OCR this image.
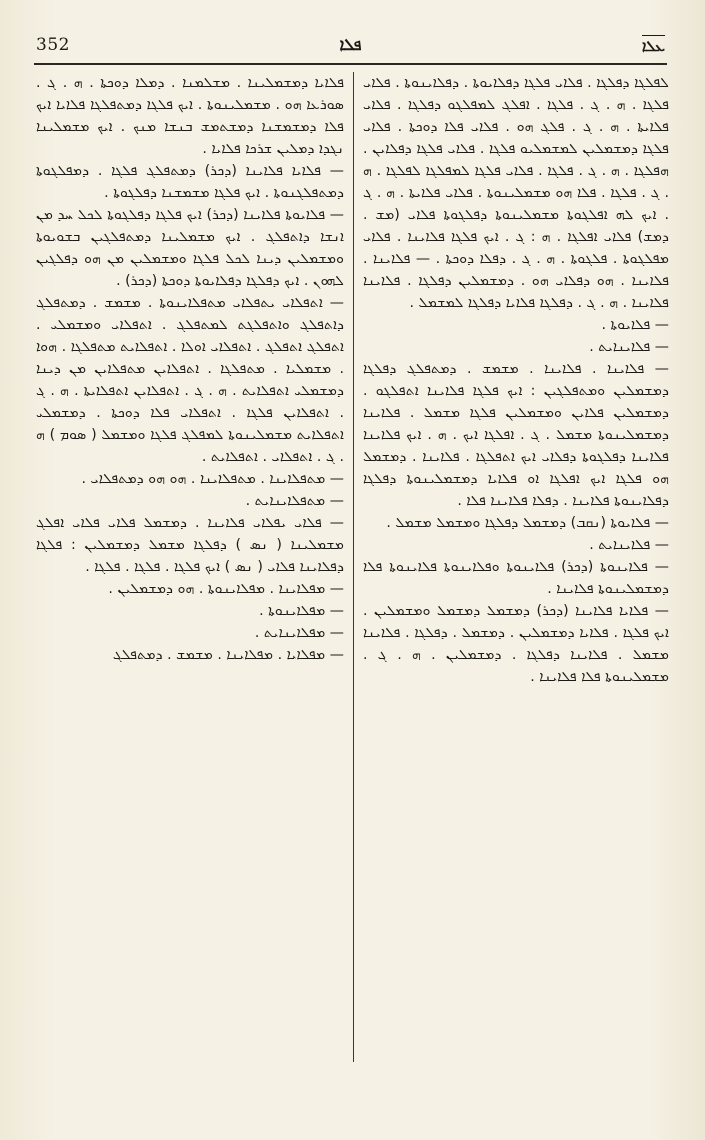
352	ܦܠܐ	ܥܠܐ

ܠܦܠܓܐ ܕܦܠܓܐ . ܦܠܐܝ ܦܠܓܐ ܕܦܠܐܝܘܬܐ . ܕܦܠܐܝܢܘܬܐ . ܦܠܐܝ ܦܠܓܐ . ܗ . ܓ . ܦܠܓܐ . ܐܦܠܓ ܠܡܦܠܓܘ ܕܦܠܓܐ . ܦܠܐܝ ܦܠܐܝܬܐ . ܗ . ܓ . ܦܠܓ ܗܘ . ܦܠܐܝ ܦܠܐ ܕܘܟܬܐ . ܦܠܐܝ ܦܠܓܐ ܕܡܫܡܠܝܢ ܠܡܫܡܠܝܘ ܦܠܓܐ . ܦܠܐܝ ܦܠܓܐ ܕܦܠܐܝܢ . ܗܦܠܓܐ . ܗ . ܓ . ܦܠܓܐ . ܦܠܐܝ ܦܠܓܐ ܠܡܦܠܓܐ ܠܦܠܓܐ . ܗ . ܓ . ܦܠܓܐ . ܦܠܐ ܗܘ ܡܫܡܠܝܢܘܬܐ . ܦܠܐܝ ܦܠܐܝܬܐ . ܗ . ܓ . ܐܝܟ ܠܗ ܐܦܠܓܘܬܐ ܡܫܡܠܝܢܘܬܐ ܕܦܠܓܘܬܐ ܦܠܐܝ (ܡܫ . ܕܡܫ) ܦܠܐܝ ܐܦܠܓܐ . ܗ : ܓ . ܐܝܟ ܦܠܓܐ ܦܠܐܝܢܐ . ܦܠܐܝ ܡܦܠܓܘܬܐ . ܦܠܓܘܬܐ . ܗ . ܓ . ܕܦܠܐ ܕܘܟܬܐ . — ܦܠܐܝܢܐ . ܦܠܐܝܢܐ . ܗܘ ܕܦܠܐܝ ܗܘ . ܕܡܫܡܠܝܢ ܕܦܠܓܐ . ܦܠܐܝܢܐ ܦܠܐܝܢܐ . ܗ . ܓ . ܕܦܠܓܐ ܦܠܐܝܐ ܕܦܠܓܐ ܠܡܫܡܠ .

— ܦܠܐܝܘܬܐ .

— ܦܠܐܝܢܐܝܬ .

— ܦܠܐܝܢܐ . ܦܠܐܝܢܐ . ܡܫܡܫ . ܕܡܬܦܠܓ ܕܦܠܓܐ ܕܡܫܡܠܝܢ ܘܡܬܦܠܓܝܢ : ܐܝܟ ܦܠܓܐ ܦܠܐܝܢܐ ܐܬܦܠܓܘ . ܕܡܫܡܠܝܢ ܦܠܐܝܢ ܘܡܫܡܠܝܢ ܦܠܓܐ ܡܫܡܠ . ܦܠܐܝܢܐ ܕܡܫܡܠܝܢܘܬܐ ܡܫܡܠ . ܓ . ܐܦܠܓܐ ܐܝܟ . ܗ . ܐܝܟ ܦܠܐܝܢܐ ܦܠܐܝܢܐ ܕܦܠܓܘܬܐ ܕܦܠܐܝ ܐܝܟ ܐܬܦܠܓܐ . ܦܠܐܝܢܐ . ܕܡܫܡܠ ܗܘ ܦܠܓܐ ܐܝܟ ܐܦܠܓܐ ܐܘ ܦܠܐܝܐ ܕܡܫܡܠܝܢܘܬܐ ܕܦܠܓܐ ܕܦܠܐܝܢܘܬܐ ܦܠܐܝܢܐ . ܕܦܠܐ ܦܠܐܝܢܐ ܦܠܐ .

— ܦܠܐܝܘܬܐ (ܢܩܒ) ܕܡܫܡܠ ܕܦܠܓܐ ܘܡܫܡܠ ܡܫܡܠ .

— ܦܠܐܝܢܐܝܬ .

— ܦܠܐܝܢܘܬܐ (ܕܟܪ) ܦܠܐܝܢܘܬܐ ܘܦܠܐܝܢܘܬܐ ܦܠܐܝܢܘܬܐ ܦܠܐ ܕܡܫܡܠܝܢܘܬܐ ܦܠܐܝܢܐ .

— ܦܠܐܝܐ ܦܠܐܝܢܐ (ܕܟܪ) ܕܡܫܡܠ ܕܡܫܡܠ ܘܡܫܡܠܝܢ . ܐܝܟ ܦܠܓܐ . ܦܠܐܝܐ ܕܡܫܡܠܝܢ . ܕܡܫܡܠ . ܕܦܠܓܐ . ܦܠܐܝܢܐ ܡܫܡܠ . ܦܠܐܝܢܐ ܕܦܠܓܐ . ܕܡܫܡܠܝܢ . ܗ . ܓ . ܡܫܡܠܝܢܘܬܐ ܦܠܐ ܦܠܐܝܢܐ .

ܦܠܐܝܐ ܕܡܫܡܠܝܢܐ . ܡܫܠܡܢܐ . ܕܡܠܐ ܕܘܟܬܐ . ܗ . ܓ . ܣܘܪܥܐ ܗܘ . ܡܫܡܠܝܢܘܬܐ . ܐܝܟ ܦܠܓܐ ܕܡܬܦܠܓܐ ܦܠܐܝܐ ܐܝܟ ܦܠܐ ܕܡܫܡܫܢܐ ܕܡܫܬܡܫ ܒܢܫܐ ܡܢܟ . ܐܝܟ ܡܫܡܠܝܢܐ ܢܓܕܐ ܕܡܠܝܢ ܫܪܟܐ ܦܠܐܝܐ .

— ܦܠܐܝܐ ܦܠܐܝܢܐ (ܕܟܪ) ܕܡܬܦܠܓ ܦܠܓܐ . ܕܡܦܠܓܘܬܐ ܕܡܬܦܠܓܢܘܬܐ . ܐܝܟ ܦܠܓܐ ܡܫܡܫܢܐ ܕܦܠܓܘܬܐ .

— ܦܠܐܝܘܬܐ ܦܠܐܝܢܐ (ܕܟܪ) ܐܝܟ ܦܠܓܐ ܕܦܠܓܘܬܐ ܠܟܠ ܚܕ ܡܢ ܐܢܫܐ ܕܐܬܦܠܓ . ܐܝܟ ܡܫܡܠܝܢܐ ܕܡܬܦܠܓܝܢ ܒܫܘܝܘܬܐ ܘܡܫܡܠܝܢ ܕܝܢܐ ܠܟܠ ܦܠܓܐ ܘܡܫܡܠܝܢ ܡܢ ܗܘ ܕܦܠܓܝܢ ܠܗܘܢ . ܐܝܟ ܕܦܠܓܐ ܕܦܠܐܝܘܬܐ ܕܘܟܬܐ (ܕܟܪ) .

— ܐܬܦܠܐܝ ܝܬܦܠܐܝ ܡܬܦܠܐܝܢܘܬܐ . ܡܫܡܫ . ܕܡܬܦܠܓ ܕܐܬܦܠܓ ܘܐܬܦܠܓܬ ܠܡܬܦܠܓ . ܐܬܦܠܐܝ ܘܡܫܡܠܝ . ܐܬܦܠܓ ܐܬܦܠܓ . ܐܬܦܠܐܝ ܐܘܠܐ . ܐܬܦܠܐܝܬ ܡܬܦܠܓܐ . ܗܘܐ . ܡܫܡܠܝܐ . ܡܬܦܠܓܐ . ܐܬܦܠܐܝܢ ܡܬܦܠܐܝܢ ܡܢ ܕܝܢܐ ܕܡܫܡܠܝ ܐܬܦܠܐܝܬ . ܗ . ܓ . ܐܬܦܠܐܝܢ ܐܬܦܠܐܝܬܐ . ܗ . ܓ . ܐܬܦܠܐܝܢ ܦܠܓܐ . ܐܬܦܠܐܝ ܦܠܐ ܕܘܟܬܐ . ܕܡܫܡܠܝ ܐܬܦܠܐܝܬ ܡܫܡܠܝܢܘܬܐ ܠܡܦܠܓ ܦܠܓܐ ܘܡܫܡܠ ( ܣܘܡ ) ܗ . ܓ . ܐܬܦܠܐܝ . ܐܬܦܠܐܝܬ .

— ܡܬܦܠܐܝܢܐ . ܡܬܦܠܐܝܢܐ . ܗܘ ܗܘ ܕܡܬܦܠܐܝ .

— ܡܬܦܠܐܝܢܐܝܬ .

— ܦܠܐܝ ܝܦܠܐܝ ܦܠܐܝܢܐ . ܕܡܫܡܠ ܦܠܐܝ ܦܠܐܝ ܐܦܠܓ ܡܫܡܠܝܢܐ ( ܢܣ ) ܕܦܠܓܐ ܡܫܡܠ ܕܡܫܡܠܝܢ : ܦܠܓܐ ܕܦܠܐܝܢܐ ܦܠܐܝ ( ܢܣ ) ܐܝܟ ܦܠܓܐ . ܦܠܓܐ . ܦܠܓܐ .

— ܡܦܠܐܝܢܐ . ܡܦܠܐܝܢܘܬܐ . ܗܘ ܕܡܫܡܠܝܢ .

— ܡܦܠܐܝܢܘܬܐ .

— ܡܦܠܐܝܢܐܝܬ .

— ܡܦܠܐܝܐ . ܡܦܠܐܝܢܐ . ܡܫܡܫ . ܕܡܬܦܠܓ
